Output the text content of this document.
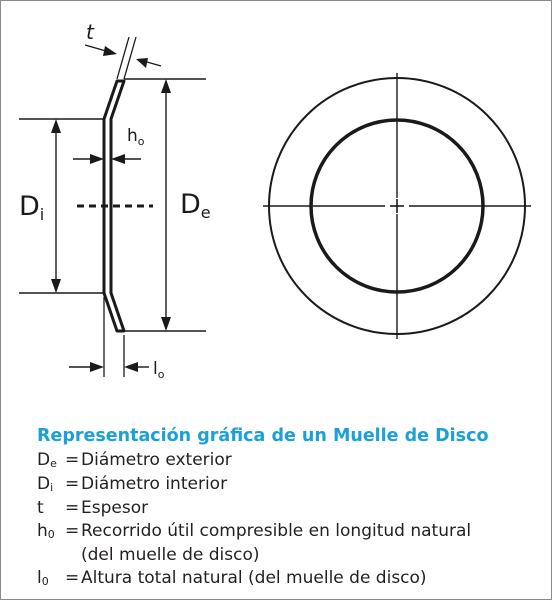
Di	De
$h_o$
$l_o$
t
Representación gráfica de un Muelle de Disco
$D_e$ = Diámetro exterior
$D_i$ = Diámetro interior
t	= Espesor
$h_0$ = Recorrido útil compresible en longitud natural
(del muelle de disco)
$l_0$ = Altura total natural (del muelle de disco)
